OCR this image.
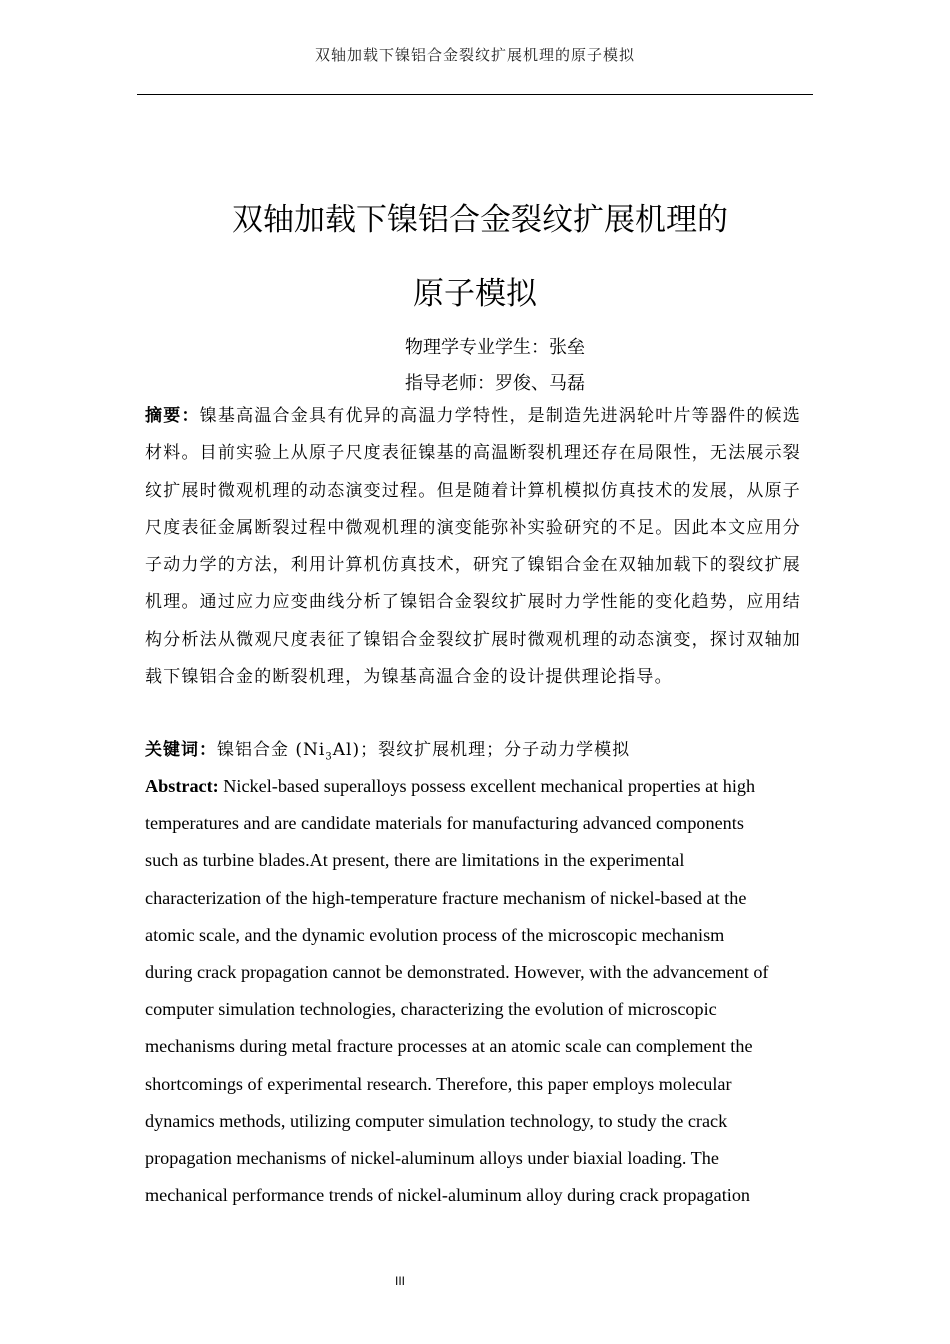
双轴加载下镍铝合金裂纹扩展机理的原子模拟
双轴加载下镍铝合金裂纹扩展机理的
原子模拟
物理学专业学生：张垒
指导老师：罗俊、马磊
摘要：镍基高温合金具有优异的高温力学特性，是制造先进涡轮叶片等器件的候选材料。目前实验上从原子尺度表征镍基的高温断裂机理还存在局限性，无法展示裂纹扩展时微观机理的动态演变过程。但是随着计算机模拟仿真技术的发展，从原子尺度表征金属断裂过程中微观机理的演变能弥补实验研究的不足。因此本文应用分子动力学的方法，利用计算机仿真技术，研究了镍铝合金在双轴加载下的裂纹扩展机理。通过应力应变曲线分析了镍铝合金裂纹扩展时力学性能的变化趋势，应用结构分析法从微观尺度表征了镍铝合金裂纹扩展时微观机理的动态演变，探讨双轴加载下镍铝合金的断裂机理，为镍基高温合金的设计提供理论指导。
关键词：镍铝合金 $(Ni_3Al)$；裂纹扩展机理；分子动力学模拟
Abstract: Nickel-based superalloys possess excellent mechanical properties at high
temperatures and are candidate materials for manufacturing advanced components
such as turbine blades.At present, there are limitations in the experimental
characterization of the high-temperature fracture mechanism of nickel-based at the
atomic scale, and the dynamic evolution process of the microscopic mechanism
during crack propagation cannot be demonstrated. However, with the advancement of
computer simulation technologies, characterizing the evolution of microscopic
mechanisms during metal fracture processes at an atomic scale can complement the
shortcomings of experimental research. Therefore, this paper employs molecular
dynamics methods, utilizing computer simulation technology, to study the crack
propagation mechanisms of nickel-aluminum alloys under biaxial loading. The
mechanical performance trends of nickel-aluminum alloy during crack propagation
III
